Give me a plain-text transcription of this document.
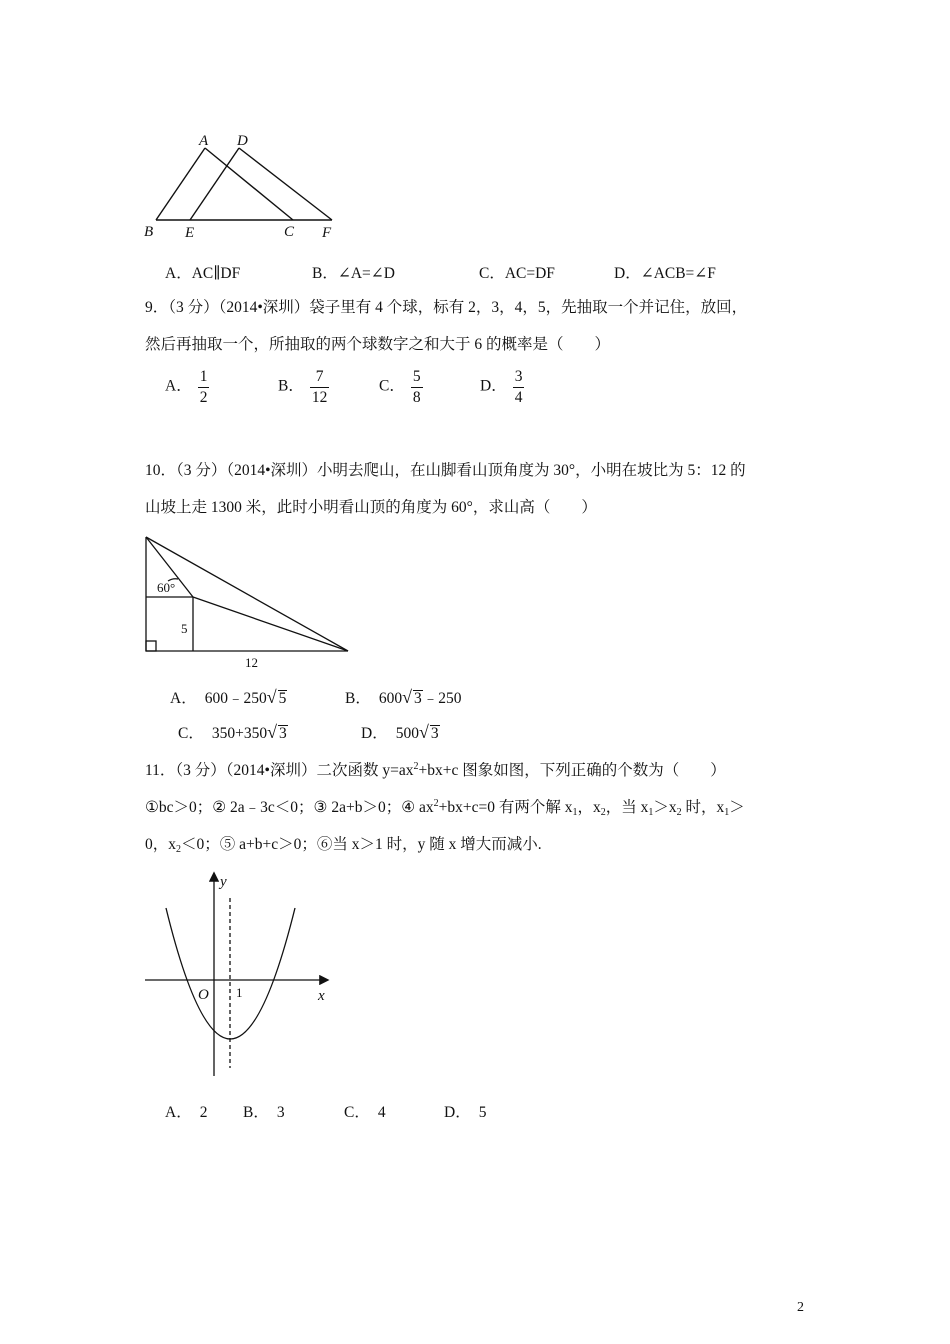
A D
B E	C F
A．AC∥DF	B．∠A=∠D	C．AC=DF	D．∠ACB=∠F
9．（3 分）（2014•深圳）袋子里有 4 个球，标有 2，3，4，5，先抽取一个并记住，放回，
然后再抽取一个，所抽取的两个球数字之和大于 6 的概率是（　　）
A． $\frac{1}{2}$	B． $\frac{7}{12}$	C． $\frac{5}{8}$	D． $\frac{3}{4}$
10．（3 分）（2014•深圳）小明去爬山，在山脚看山顶角度为 30°，小明在坡比为 5：12 的
山坡上走 1300 米，此时小明看山顶的角度为 60°，求山高（　　）
60°
5
12
A． 600﹣250√ 5	B． 600√ 3﹣250
C． 350+350√ 3	D． 500√ 3
11．（3 分）（2014•深圳）二次函数 $y=ax^2+bx+c$ 图象如图，下列正确的个数为（　　）
①bc＞0；② 2a﹣3c＜0；③ 2a+b＞0；④ $ax^2+bx+c=0$ 有两个解 $x_1$，$x_2$，当 $x_1>x_2$ 时，$x_1>$
0，$x_2<0$；⑤ a+b+c＞0；⑥当 x＞1 时，y 随 x 增大而减小.
y
x
O 1
A． 2 B． 3	C． 4	D． 5
2
